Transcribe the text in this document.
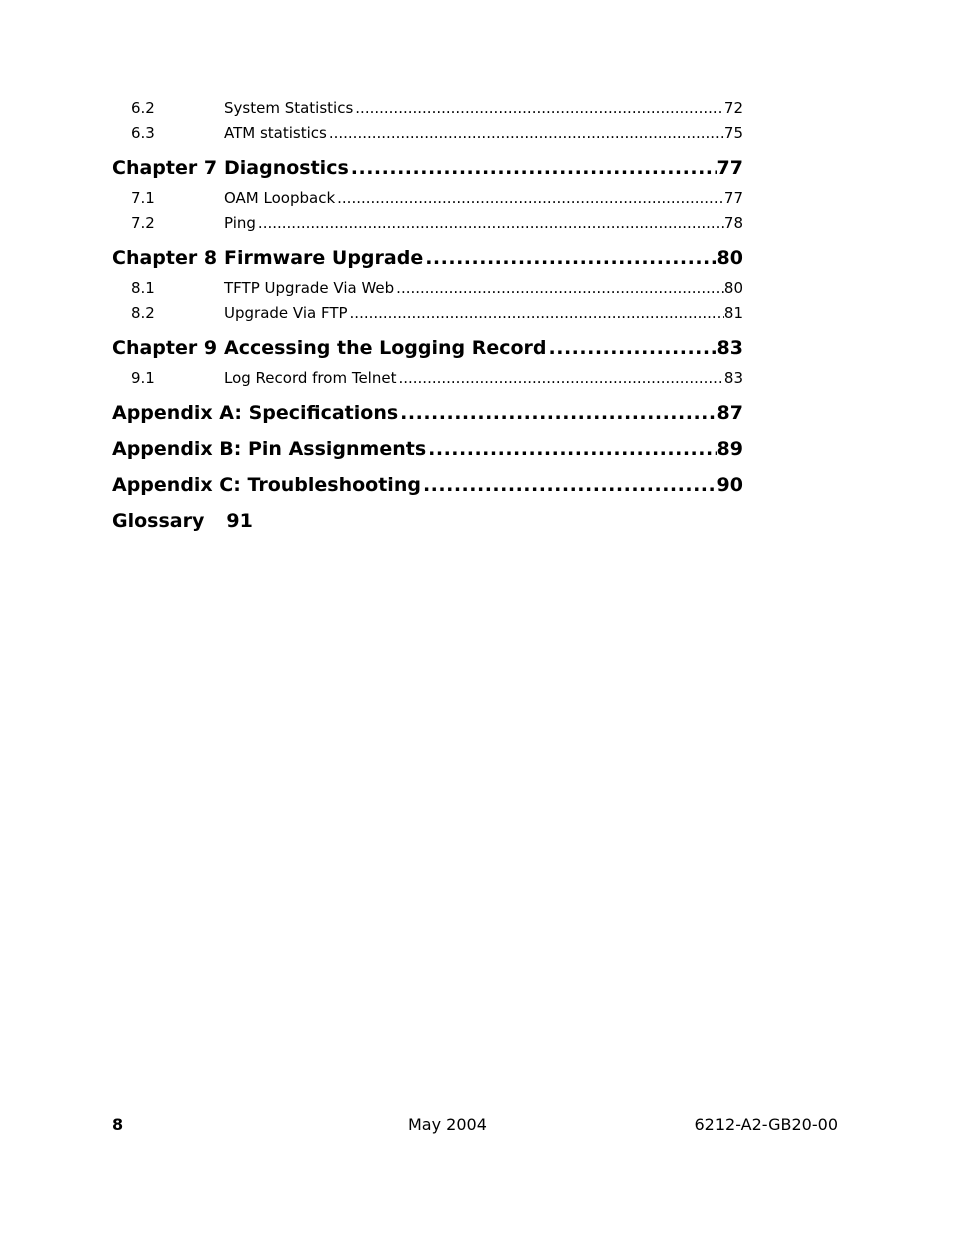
6.2	System Statistics .....	72
6.3	ATM statistics .....	75
Chapter 7 Diagnostics .....	77
7.1	OAM Loopback .....	77
7.2	Ping .....	78
Chapter 8 Firmware Upgrade .....	80
8.1	TFTP Upgrade Via Web .....	80
8.2	Upgrade Via FTP .....	81
Chapter 9 Accessing the Logging Record .....	83
9.1	Log Record from Telnet .....	83
Appendix A: Specifications .....	87
Appendix B: Pin Assignments .....	89
Appendix C: Troubleshooting .....	90
Glossary 91
8	May 2004	6212-A2-GB20-00
